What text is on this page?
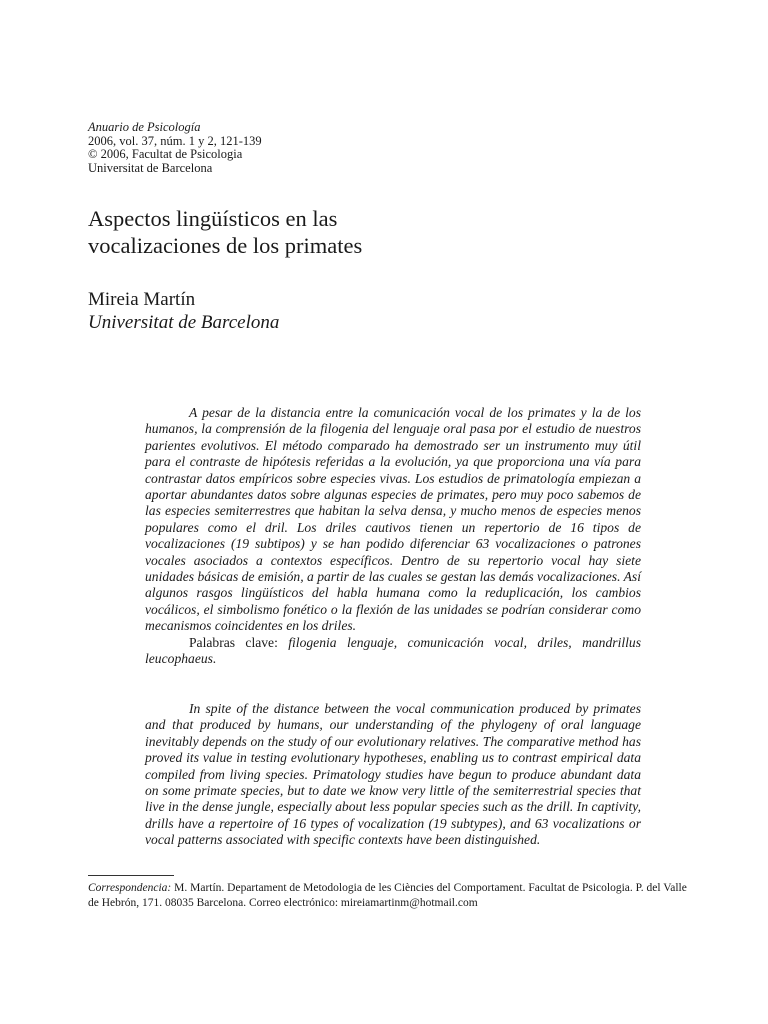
Anuario de Psicología
2006, vol. 37, núm. 1 y 2, 121-139
© 2006, Facultat de Psicologia
Universitat de Barcelona
Aspectos lingüísticos en las
vocalizaciones de los primates
Mireia Martín
Universitat de Barcelona

A pesar de la distancia entre la comunicación vocal de los primates y la de los humanos, la comprensión de la filogenia del lenguaje oral pasa por el estudio de nuestros parientes evolutivos. El método comparado ha demostrado ser un instrumento muy útil para el contraste de hipótesis referidas a la evolución, ya que proporciona una vía para contrastar datos empíricos sobre especies vivas. Los estudios de primatología empiezan a aportar abundantes datos sobre algunas especies de primates, pero muy poco sabemos de las especies semiterrestres que habitan la selva densa, y mucho menos de especies menos populares como el dril. Los driles cautivos tienen un repertorio de 16 tipos de vocalizaciones (19 subtipos) y se han podido diferenciar 63 vocalizaciones o patrones vocales asociados a contextos específicos. Dentro de su repertorio vocal hay siete unidades básicas de emisión, a partir de las cuales se gestan las demás vocalizaciones. Así algunos rasgos lingüísticos del habla humana como la reduplicación, los cambios vocálicos, el simbolismo fonético o la flexión de las unidades se podrían considerar como mecanismos coincidentes en los driles.

Palabras clave: filogenia lenguaje, comunicación vocal, driles, mandrillus leucophaeus.

In spite of the distance between the vocal communication produced by primates and that produced by humans, our understanding of the phylogeny of oral language inevitably depends on the study of our evolutionary relatives. The comparative method has proved its value in testing evolutionary hypotheses, enabling us to contrast empirical data compiled from living species. Primatology studies have begun to produce abundant data on some primate species, but to date we know very little of the semiterrestrial species that live in the dense jungle, especially about less popular species such as the drill. In captivity, drills have a repertoire of 16 types of vocalization (19 subtypes), and 63 vocalizations or vocal patterns associated with specific contexts have been distinguished.

Correspondencia: M. Martín. Departament de Metodologia de les Ciències del Comportament. Facultat de Psicologia. P. del Valle de Hebrón, 171. 08035 Barcelona. Correo electrónico: mireiamartinm@hotmail.com
